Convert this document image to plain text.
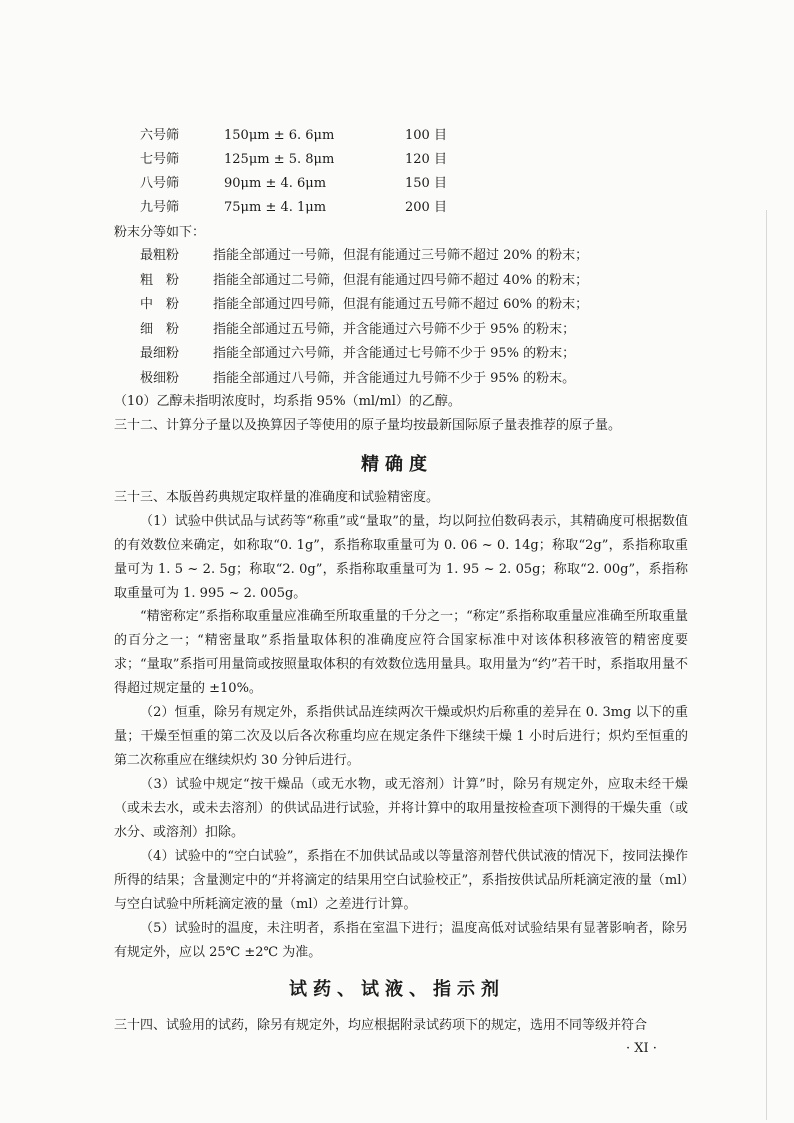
六号筛	150μm ± 6. 6μm	100 目
七号筛	125μm ± 5. 8μm	120 目
八号筛	90μm ± 4. 6μm	150 目
九号筛	75μm ± 4. 1μm	200 目
粉末分等如下：
最粗粉	指能全部通过一号筛，但混有能通过三号筛不超过 20% 的粉末；
粗　粉	指能全部通过二号筛，但混有能通过四号筛不超过 40% 的粉末；
中　粉	指能全部通过四号筛，但混有能通过五号筛不超过 60% 的粉末；
细　粉	指能全部通过五号筛，并含能通过六号筛不少于 95% 的粉末；
最细粉	指能全部通过六号筛，并含能通过七号筛不少于 95% 的粉末；
极细粉	指能全部通过八号筛，并含能通过九号筛不少于 95% 的粉末。
（10）乙醇未指明浓度时，均系指 95%（ml/ml）的乙醇。
三十二、计算分子量以及换算因子等使用的原子量均按最新国际原子量表推荐的原子量。
精确度
三十三、本版兽药典规定取样量的准确度和试验精密度。
（1）试验中供试品与试药等“称重”或“量取”的量，均以阿拉伯数码表示，其精确度可根据数值的有效数位来确定，如称取“0. 1g”，系指称取重量可为 0. 06 ~ 0. 14g；称取“2g”，系指称取重量可为 1. 5 ~ 2. 5g；称取“2. 0g”，系指称取重量可为 1. 95 ~ 2. 05g；称取“2. 00g”，系指称取重量可为 1. 995 ~ 2. 005g。
“精密称定”系指称取重量应准确至所取重量的千分之一；“称定”系指称取重量应准确至所取重量的百分之一；“精密量取”系指量取体积的准确度应符合国家标准中对该体积移液管的精密度要求；“量取”系指可用量筒或按照量取体积的有效数位选用量具。取用量为“约”若干时，系指取用量不得超过规定量的 ±10%。
（2）恒重，除另有规定外，系指供试品连续两次干燥或炽灼后称重的差异在 0. 3mg 以下的重量；干燥至恒重的第二次及以后各次称重均应在规定条件下继续干燥 1 小时后进行；炽灼至恒重的第二次称重应在继续炽灼 30 分钟后进行。
（3）试验中规定“按干燥品（或无水物，或无溶剂）计算”时，除另有规定外，应取未经干燥（或未去水，或未去溶剂）的供试品进行试验，并将计算中的取用量按检查项下测得的干燥失重（或水分、或溶剂）扣除。
（4）试验中的“空白试验”，系指在不加供试品或以等量溶剂替代供试液的情况下，按同法操作所得的结果；含量测定中的“并将滴定的结果用空白试验校正”，系指按供试品所耗滴定液的量（ml）与空白试验中所耗滴定液的量（ml）之差进行计算。
（5）试验时的温度，未注明者，系指在室温下进行；温度高低对试验结果有显著影响者，除另有规定外，应以 25℃ ±2℃ 为准。
试药、试液、指示剂
三十四、试验用的试药，除另有规定外，均应根据附录试药项下的规定，选用不同等级并符合
· XI ·
